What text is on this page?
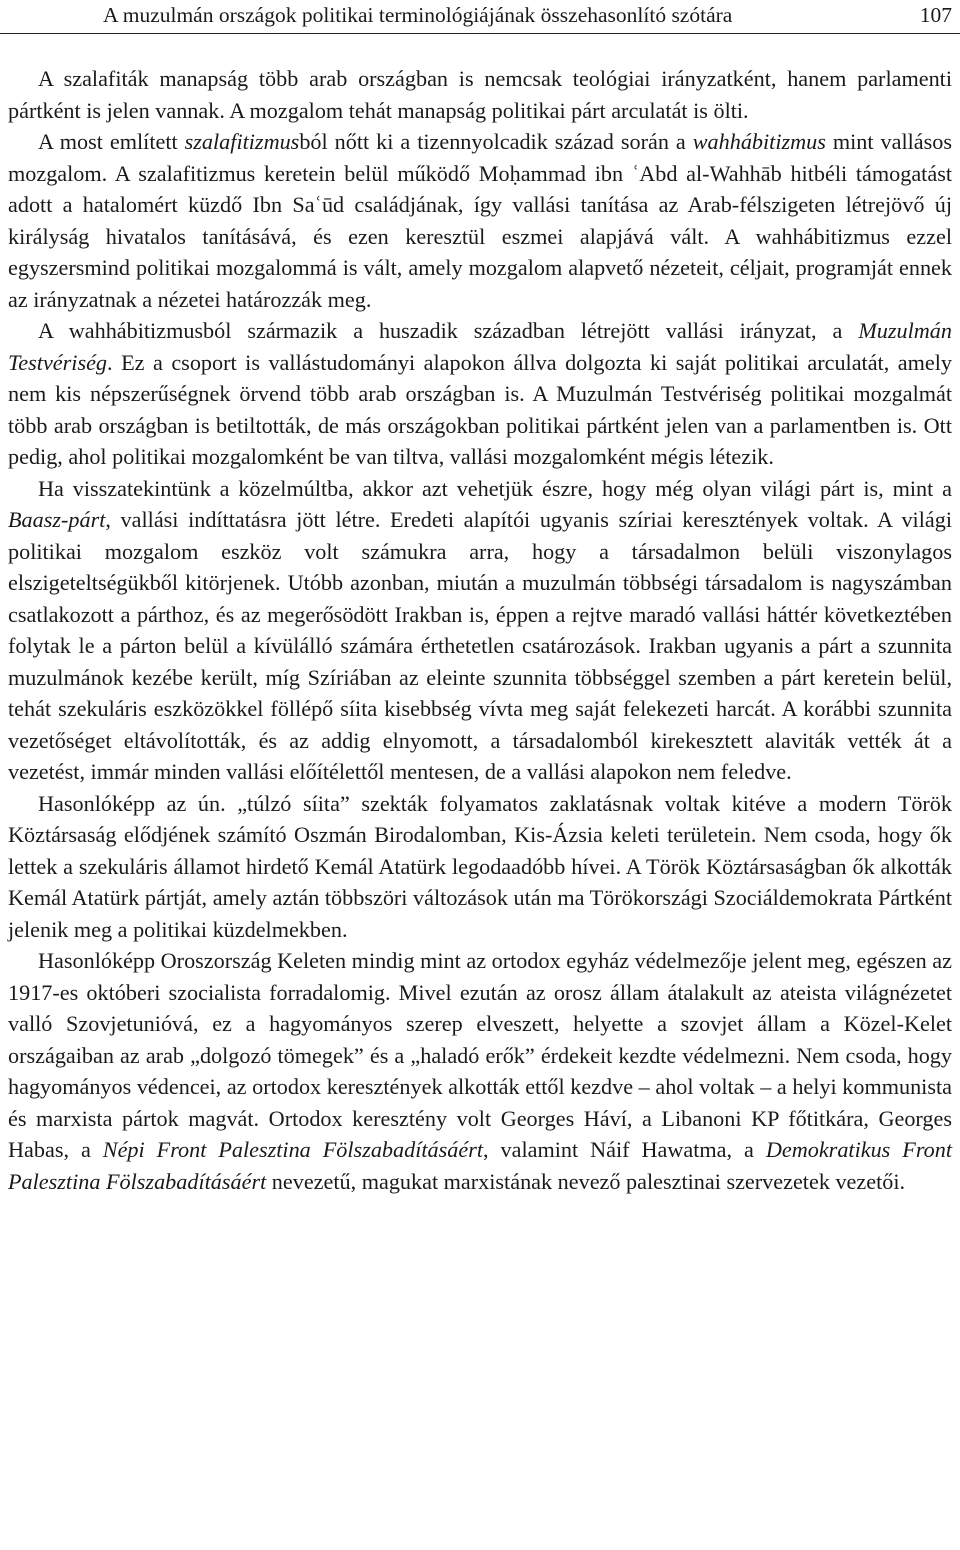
A muzulmán országok politikai terminológiájának összehasonlító szótára	107

A szalafiták manapság több arab országban is nemcsak teológiai irányzatként, hanem parlamenti pártként is jelen vannak. A mozgalom tehát manapság politikai párt arculatát is ölti.

A most említett szalafitizmusból nőtt ki a tizennyolcadik század során a wahhábitizmus mint vallásos mozgalom. A szalafitizmus keretein belül működő Moḥammad ibn ʿAbd al-Wahhāb hitbéli támogatást adott a hatalomért küzdő Ibn Saʿūd családjának, így vallási tanítása az Arab-félszigeten létrejövő új királyság hivatalos tanításává, és ezen keresztül eszmei alapjává vált. A wahhábitizmus ezzel egyszersmind politikai mozgalommá is vált, amely mozgalom alapvető nézeteit, céljait, programját ennek az irányzatnak a nézetei határozzák meg.

A wahhábitizmusból származik a huszadik században létrejött vallási irányzat, a Muzulmán Testvériség. Ez a csoport is vallástudományi alapokon állva dolgozta ki saját politikai arculatát, amely nem kis népszerűségnek örvend több arab országban is. A Muzulmán Testvériség politikai mozgalmát több arab országban is betiltották, de más országokban politikai pártként jelen van a parlamentben is. Ott pedig, ahol politikai mozgalomként be van tiltva, vallási mozgalomként mégis létezik.

Ha visszatekintünk a közelmúltba, akkor azt vehetjük észre, hogy még olyan világi párt is, mint a Baasz-párt, vallási indíttatásra jött létre. Eredeti alapítói ugyanis szíriai keresztények voltak. A világi politikai mozgalom eszköz volt számukra arra, hogy a társadalmon belüli viszonylagos elszigeteltségükből kitörjenek. Utóbb azonban, miután a muzulmán többségi társadalom is nagyszámban csatlakozott a párthoz, és az megerősödött Irakban is, éppen a rejtve maradó vallási háttér következtében folytak le a párton belül a kívülálló számára érthetetlen csatározások. Irakban ugyanis a párt a szunnita muzulmánok kezébe került, míg Szíriában az eleinte szunnita többséggel szemben a párt keretein belül, tehát szekuláris eszközökkel föllépő síita kisebbség vívta meg saját felekezeti harcát. A korábbi szunnita vezetőséget eltávolították, és az addig elnyomott, a társadalomból kirekesztett alaviták vették át a vezetést, immár minden vallási előítélettől mentesen, de a vallási alapokon nem feledve.

Hasonlóképp az ún. „túlzó síita” szekták folyamatos zaklatásnak voltak kitéve a modern Török Köztársaság elődjének számító Oszmán Birodalomban, Kis-Ázsia keleti területein. Nem csoda, hogy ők lettek a szekuláris államot hirdető Kemál Atatürk legodaadóbb hívei. A Török Köztársaságban ők alkották Kemál Atatürk pártját, amely aztán többszöri változások után ma Törökországi Szociáldemokrata Pártként jelenik meg a politikai küzdelmekben.

Hasonlóképp Oroszország Keleten mindig mint az ortodox egyház védelmezője jelent meg, egészen az 1917-es októberi szocialista forradalomig. Mivel ezután az orosz állam átalakult az ateista világnézetet valló Szovjetunióvá, ez a hagyományos szerep elveszett, helyette a szovjet állam a Közel-Kelet országaiban az arab „dolgozó tömegek” és a „haladó erők” érdekeit kezdte védelmezni. Nem csoda, hogy hagyományos védencei, az ortodox keresztények alkották ettől kezdve – ahol voltak – a helyi kommunista és marxista pártok magvát. Ortodox keresztény volt Georges Háví, a Libanoni KP főtitkára, Georges Habas, a Népi Front Palesztina Fölszabadításáért, valamint Náif Hawatma, a Demokratikus Front Palesztina Fölszabadításáért nevezetű, magukat marxistának nevező palesztinai szervezetek vezetői.
